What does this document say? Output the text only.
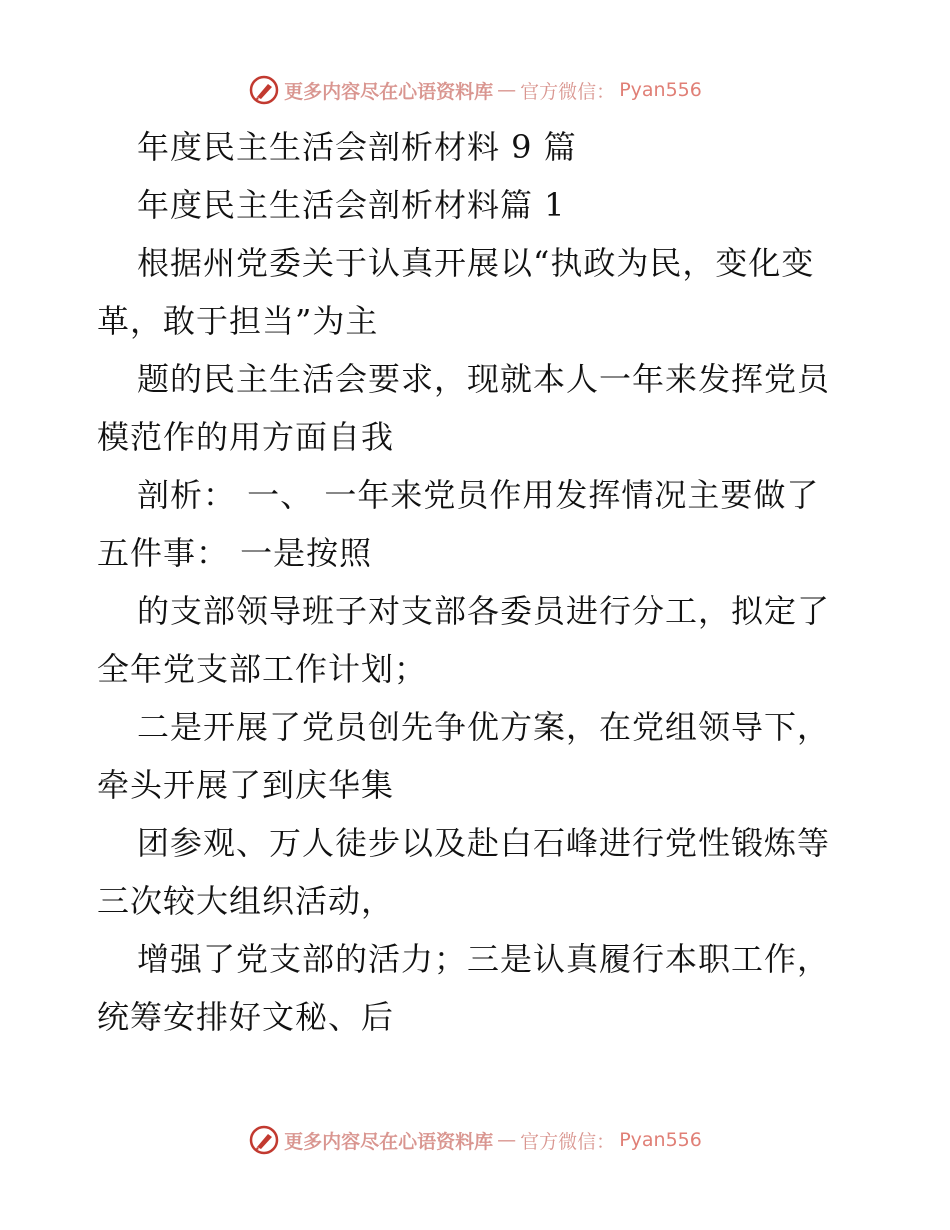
更多内容尽在心语资料库 — 官方微信： Pyan556
年度民主生活会剖析材料 9 篇
年度民主生活会剖析材料篇 1
根据州党委关于认真开展以“执政为民，变化变
革，敢于担当”为主
题的民主生活会要求，现就本人一年来发挥党员
模范作的用方面自我
剖析： 一、 一年来党员作用发挥情况主要做了
五件事： 一是按照
的支部领导班子对支部各委员进行分工，拟定了
全年党支部工作计划；
二是开展了党员创先争优方案，在党组领导下，
牵头开展了到庆华集
团参观、万人徒步以及赴白石峰进行党性锻炼等
三次较大组织活动，
增强了党支部的活力；三是认真履行本职工作，
统筹安排好文秘、后
更多内容尽在心语资料库 — 官方微信： Pyan556
